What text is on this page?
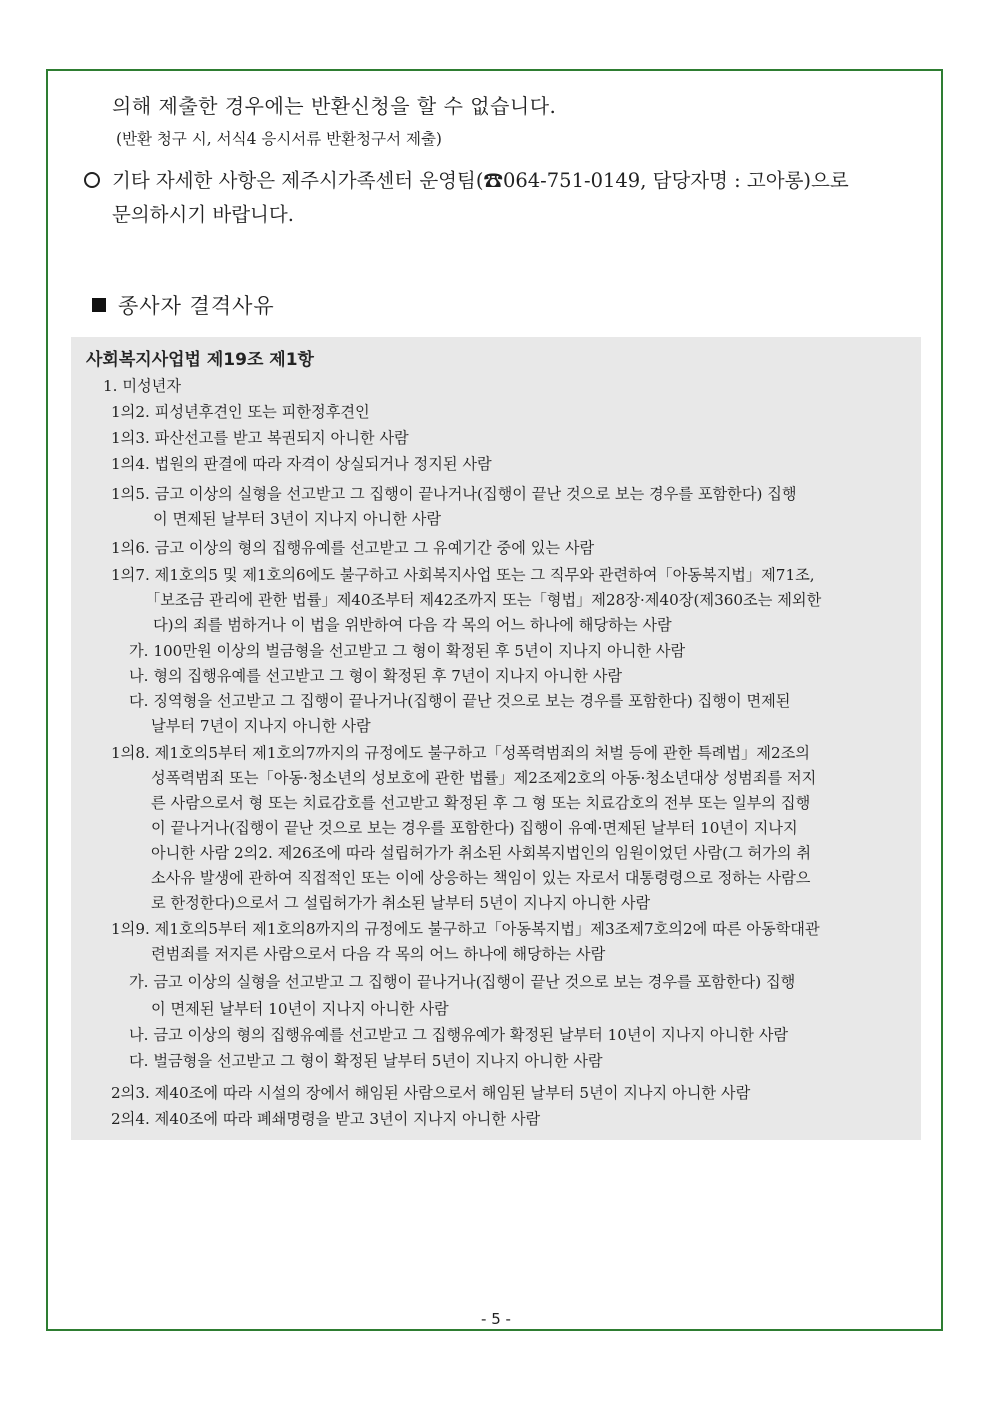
의해 제출한 경우에는 반환신청을 할 수 없습니다.
(반환 청구 시, 서식4 응시서류 반환청구서 제출)
기타 자세한 사항은 제주시가족센터 운영팀(☎064-751-0149, 담당자명 : 고아롱)으로
문의하시기 바랍니다.
종사자 결격사유
사회복지사업법 제19조 제1항
1. 미성년자
1의2. 피성년후견인 또는 피한정후견인
1의3. 파산선고를 받고 복권되지 아니한 사람
1의4. 법원의 판결에 따라 자격이 상실되거나 정지된 사람
1의5. 금고 이상의 실형을 선고받고 그 집행이 끝나거나(집행이 끝난 것으로 보는 경우를 포함한다) 집행
이 면제된 날부터 3년이 지나지 아니한 사람
1의6. 금고 이상의 형의 집행유예를 선고받고 그 유예기간 중에 있는 사람
1의7. 제1호의5 및 제1호의6에도 불구하고 사회복지사업 또는 그 직무와 관련하여「아동복지법」제71조,
「보조금 관리에 관한 법률」제40조부터 제42조까지 또는「형법」제28장·제40장(제360조는 제외한
다)의 죄를 범하거나 이 법을 위반하여 다음 각 목의 어느 하나에 해당하는 사람
가. 100만원 이상의 벌금형을 선고받고 그 형이 확정된 후 5년이 지나지 아니한 사람
나. 형의 집행유예를 선고받고 그 형이 확정된 후 7년이 지나지 아니한 사람
다. 징역형을 선고받고 그 집행이 끝나거나(집행이 끝난 것으로 보는 경우를 포함한다) 집행이 면제된
날부터 7년이 지나지 아니한 사람
1의8. 제1호의5부터 제1호의7까지의 규정에도 불구하고「성폭력범죄의 처벌 등에 관한 특례법」제2조의
성폭력범죄 또는「아동·청소년의 성보호에 관한 법률」제2조제2호의 아동·청소년대상 성범죄를 저지
른 사람으로서 형 또는 치료감호를 선고받고 확정된 후 그 형 또는 치료감호의 전부 또는 일부의 집행
이 끝나거나(집행이 끝난 것으로 보는 경우를 포함한다) 집행이 유예·면제된 날부터 10년이 지나지
아니한 사람 2의2. 제26조에 따라 설립허가가 취소된 사회복지법인의 임원이었던 사람(그 허가의 취
소사유 발생에 관하여 직접적인 또는 이에 상응하는 책임이 있는 자로서 대통령령으로 정하는 사람으
로 한정한다)으로서 그 설립허가가 취소된 날부터 5년이 지나지 아니한 사람
1의9. 제1호의5부터 제1호의8까지의 규정에도 불구하고「아동복지법」제3조제7호의2에 따른 아동학대관
련범죄를 저지른 사람으로서 다음 각 목의 어느 하나에 해당하는 사람
가. 금고 이상의 실형을 선고받고 그 집행이 끝나거나(집행이 끝난 것으로 보는 경우를 포함한다) 집행
이 면제된 날부터 10년이 지나지 아니한 사람
나. 금고 이상의 형의 집행유예를 선고받고 그 집행유예가 확정된 날부터 10년이 지나지 아니한 사람
다. 벌금형을 선고받고 그 형이 확정된 날부터 5년이 지나지 아니한 사람
2의3. 제40조에 따라 시설의 장에서 해임된 사람으로서 해임된 날부터 5년이 지나지 아니한 사람
2의4. 제40조에 따라 폐쇄명령을 받고 3년이 지나지 아니한 사람
- 5 -
